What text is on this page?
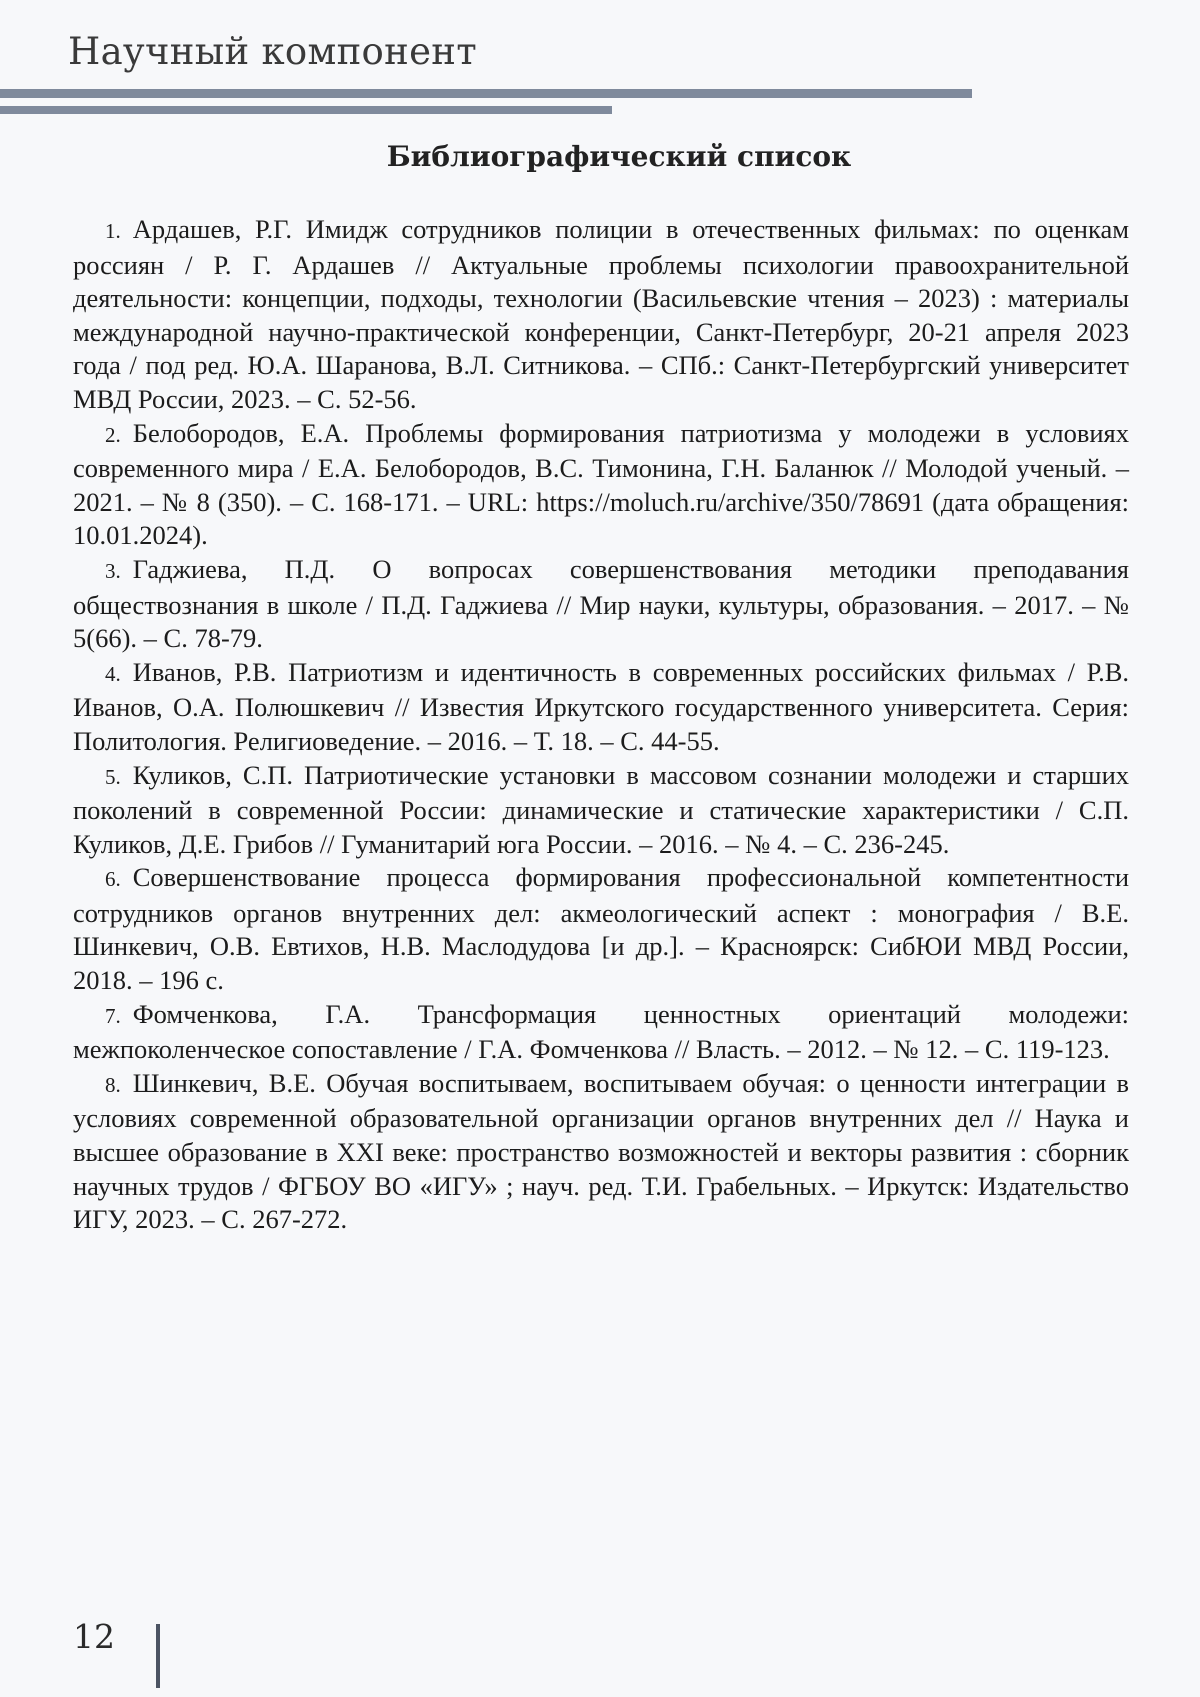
Научный компонент
Библиографический список
1. Ардашев, Р.Г. Имидж сотрудников полиции в отечественных фильмах: по оценкам россиян / Р. Г. Ардашев // Актуальные проблемы психологии правоохранительной деятельности: концепции, подходы, технологии (Васильевские чтения – 2023) : материалы международной научно-практической конференции, Санкт-Петербург, 20-21 апреля 2023 года / под ред. Ю.А. Шаранова, В.Л. Ситникова. – СПб.: Санкт-Петербургский университет МВД России, 2023. – С. 52-56.
2. Белобородов, Е.А. Проблемы формирования патриотизма у молодежи в условиях современного мира / Е.А. Белобородов, В.С. Тимонина, Г.Н. Баланюк // Молодой ученый. – 2021. – № 8 (350). – С. 168-171. – URL: https://moluch.ru/archive/350/78691 (дата обращения: 10.01.2024).
3. Гаджиева, П.Д. О вопросах совершенствования методики преподавания обществознания в школе / П.Д. Гаджиева // Мир науки, культуры, образования. – 2017. – № 5(66). – С. 78-79.
4. Иванов, Р.В. Патриотизм и идентичность в современных российских фильмах / Р.В. Иванов, О.А. Полюшкевич // Известия Иркутского государственного университета. Серия: Политология. Религиоведение. – 2016. – Т. 18. – С. 44-55.
5. Куликов, С.П. Патриотические установки в массовом сознании молодежи и старших поколений в современной России: динамические и статические характеристики / С.П. Куликов, Д.Е. Грибов // Гуманитарий юга России. – 2016. – № 4. – С. 236-245.
6. Совершенствование процесса формирования профессиональной компетентности сотрудников органов внутренних дел: акмеологический аспект : монография / В.Е. Шинкевич, О.В. Евтихов, Н.В. Маслодудова [и др.]. – Красноярск: СибЮИ МВД России, 2018. – 196 с.
7. Фомченкова, Г.А. Трансформация ценностных ориентаций молодежи: межпоколенческое сопоставление / Г.А. Фомченкова // Власть. – 2012. – № 12. – С. 119-123.
8. Шинкевич, В.Е. Обучая воспитываем, воспитываем обучая: о ценности интеграции в условиях современной образовательной организации органов внутренних дел // Наука и высшее образование в XXI веке: пространство возможностей и векторы развития : сборник научных трудов / ФГБОУ ВО «ИГУ» ; науч. ред. Т.И. Грабельных. – Иркутск: Издательство ИГУ, 2023. – С. 267-272.
12
